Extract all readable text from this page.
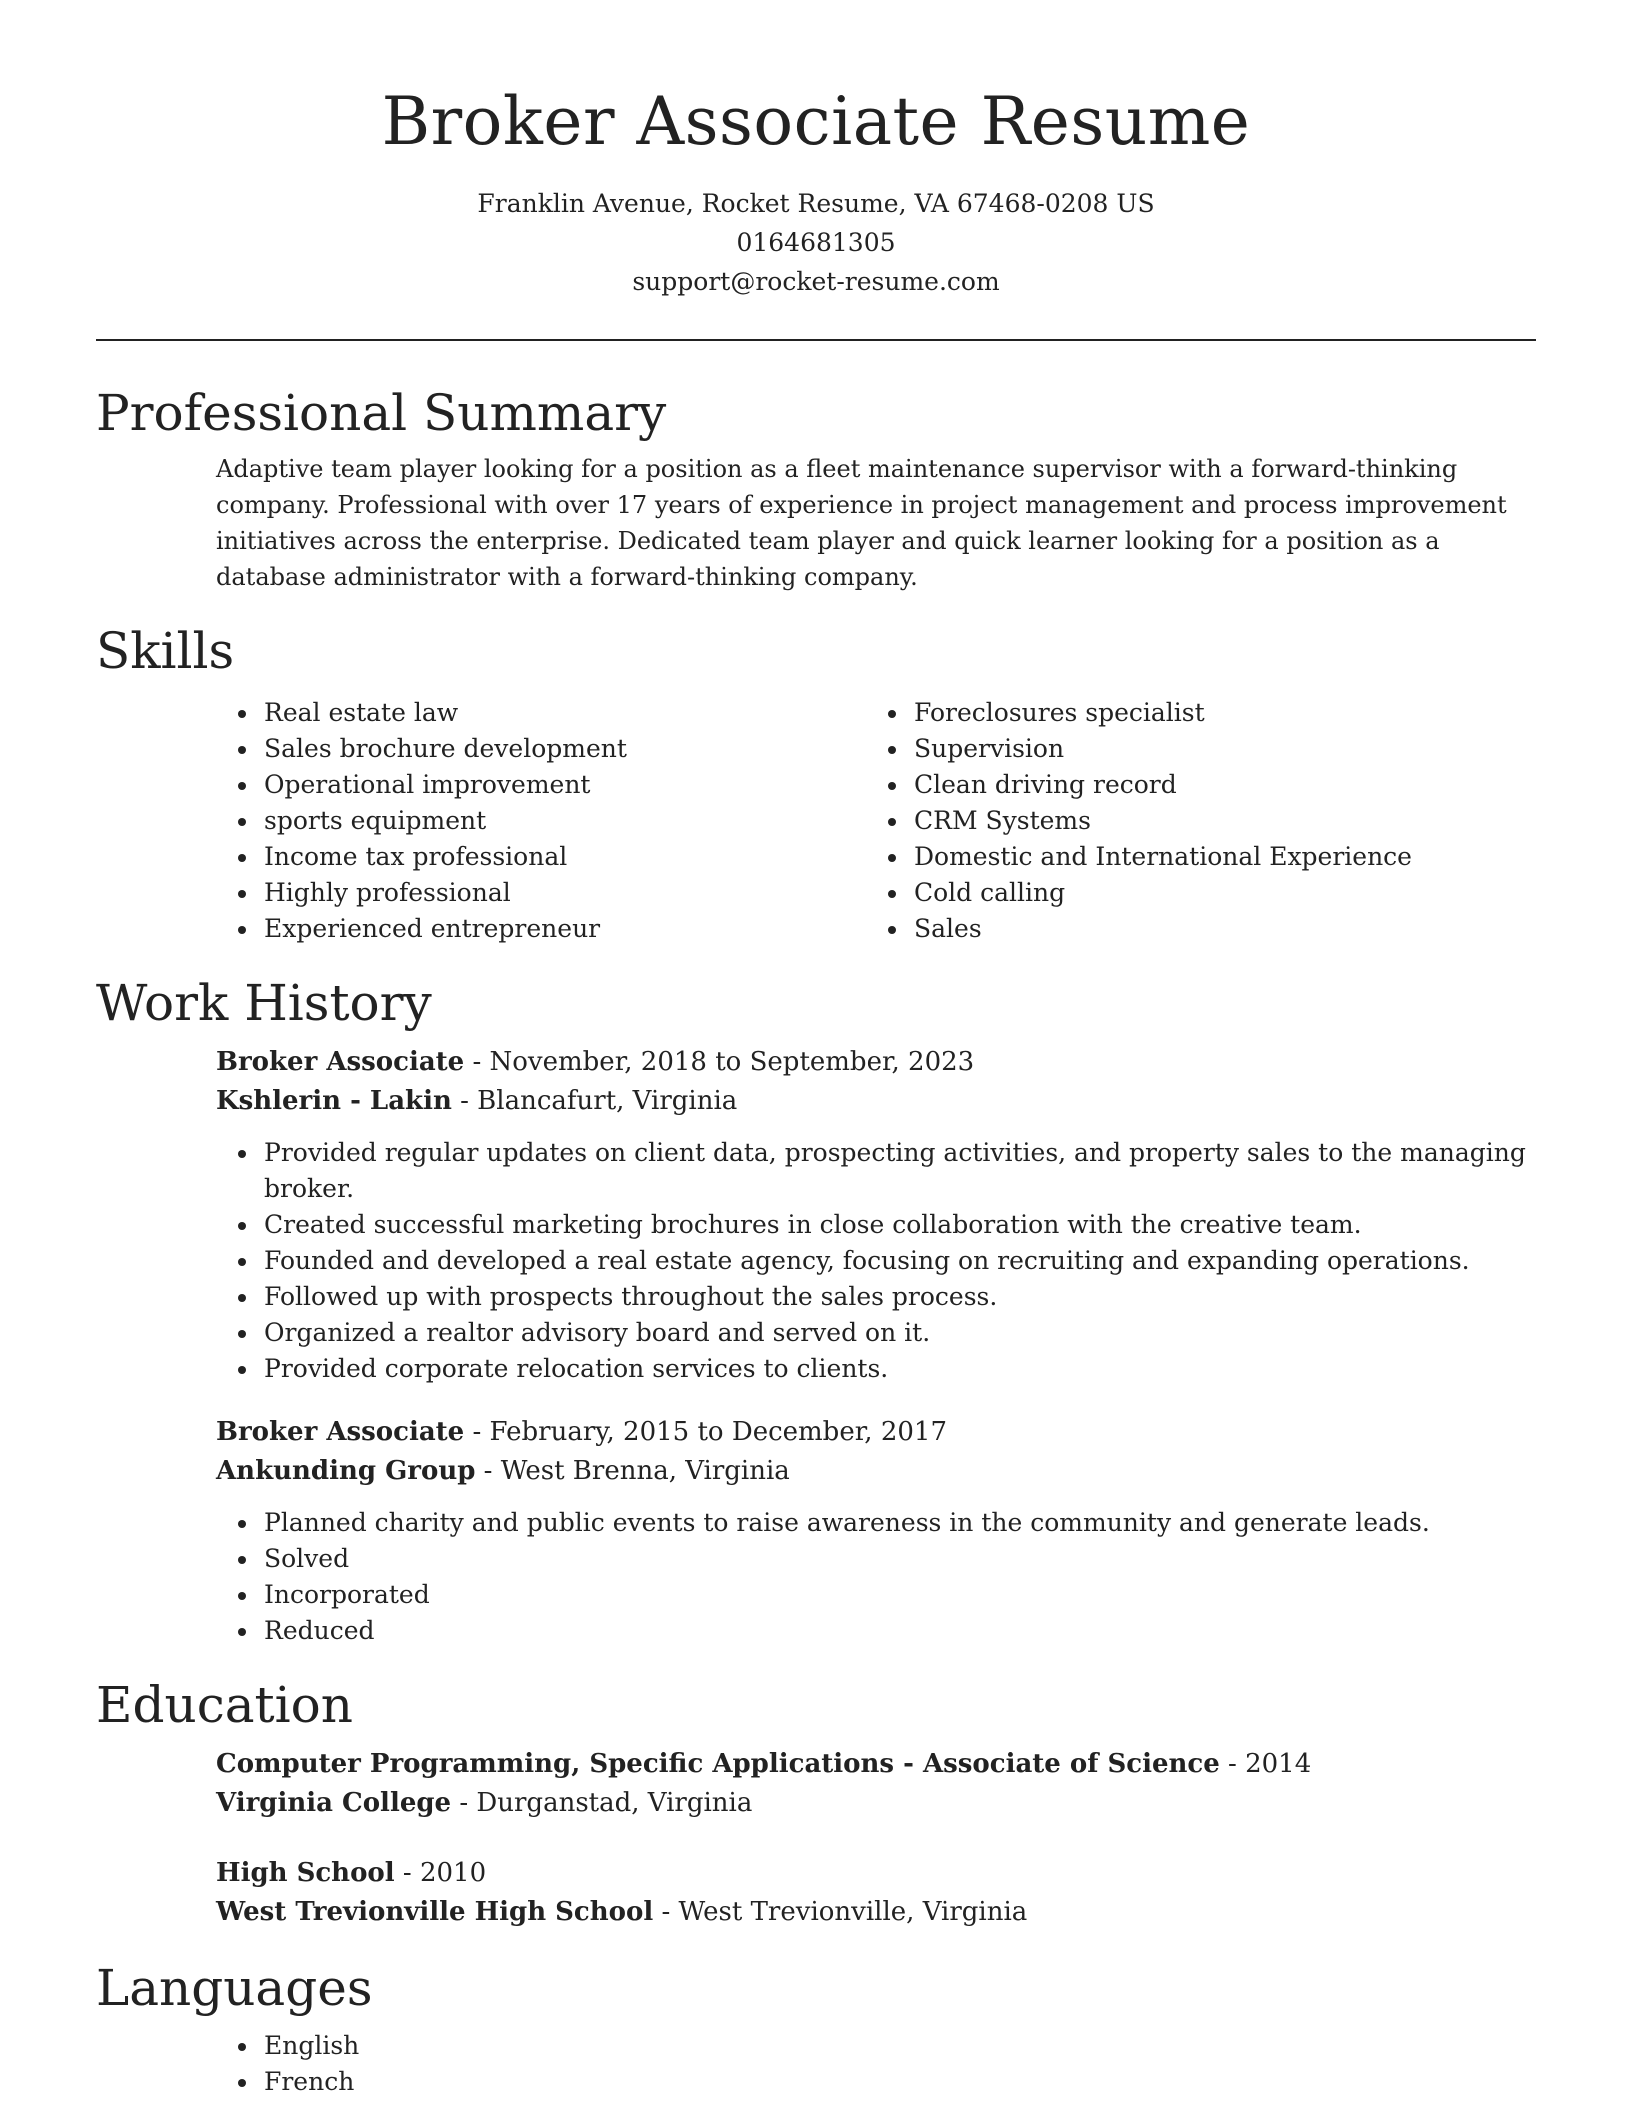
Broker Associate Resume
Franklin Avenue, Rocket Resume, VA 67468-0208 US
0164681305
support@rocket-resume.com
Professional Summary

Adaptive team player looking for a position as a fleet maintenance supervisor with a forward-thinking company. Professional with over 17 years of experience in project management and process improvement initiatives across the enterprise. Dedicated team player and quick learner looking for a position as a database administrator with a forward-thinking company.

Skills
• Real estate law
• Sales brochure development
• Operational improvement
• sports equipment
• Income tax professional
• Highly professional
• Experienced entrepreneur
• Foreclosures specialist
• Supervision
• Clean driving record
• CRM Systems
• Domestic and International Experience
• Cold calling
• Sales
Work History
Broker Associate - November, 2018 to September, 2023
Kshlerin - Lakin - Blancafurt, Virginia
• Provided regular updates on client data, prospecting activities, and property sales to the managing broker.
• Created successful marketing brochures in close collaboration with the creative team.
• Founded and developed a real estate agency, focusing on recruiting and expanding operations.
• Followed up with prospects throughout the sales process.
• Organized a realtor advisory board and served on it.
• Provided corporate relocation services to clients.
Broker Associate - February, 2015 to December, 2017
Ankunding Group - West Brenna, Virginia
• Planned charity and public events to raise awareness in the community and generate leads.
• Solved
• Incorporated
• Reduced
Education
Computer Programming, Specific Applications - Associate of Science - 2014
Virginia College - Durganstad, Virginia
High School - 2010
West Trevionville High School - West Trevionville, Virginia
Languages
• English
• French
